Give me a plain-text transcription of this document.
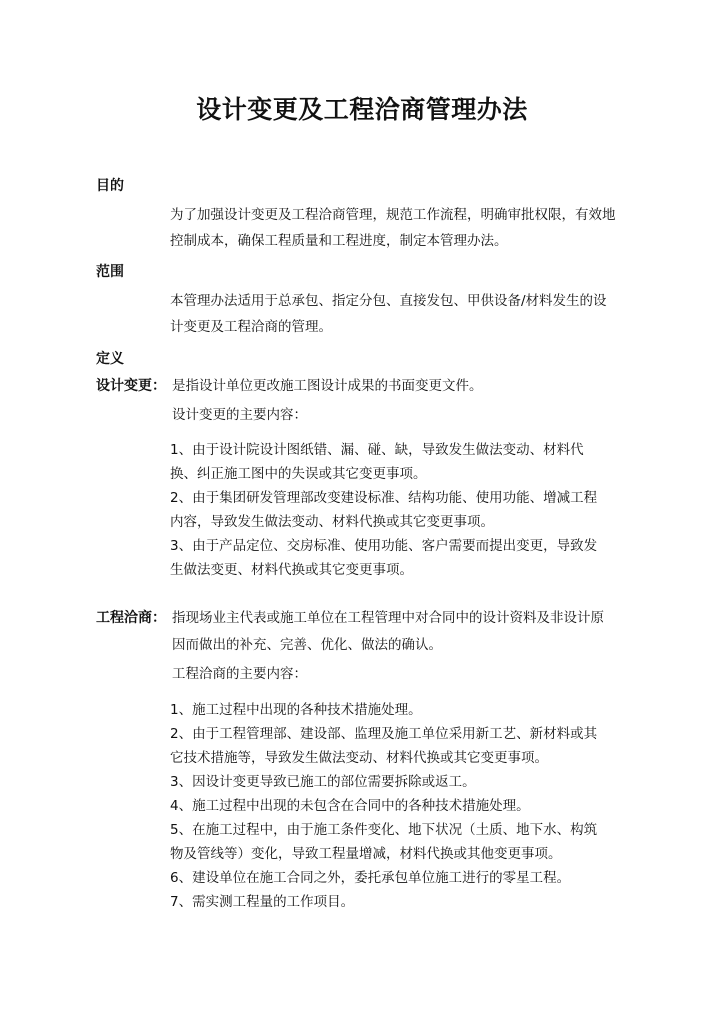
设计变更及工程洽商管理办法
目的
为了加强设计变更及工程洽商管理，规范工作流程，明确审批权限，有效地
控制成本，确保工程质量和工程进度，制定本管理办法。
范围
本管理办法适用于总承包、指定分包、直接发包、甲供设备/材料发生的设
计变更及工程洽商的管理。
定义
设计变更： 是指设计单位更改施工图设计成果的书面变更文件。
设计变更的主要内容：
1、由于设计院设计图纸错、漏、碰、缺，导致发生做法变动、材料代
换、纠正施工图中的失误或其它变更事项。
2、由于集团研发管理部改变建设标准、结构功能、使用功能、增减工程
内容，导致发生做法变动、材料代换或其它变更事项。
3、由于产品定位、交房标准、使用功能、客户需要而提出变更，导致发
生做法变更、材料代换或其它变更事项。
工程洽商： 指现场业主代表或施工单位在工程管理中对合同中的设计资料及非设计原
因而做出的补充、完善、优化、做法的确认。
工程洽商的主要内容：
1、施工过程中出现的各种技术措施处理。
2、由于工程管理部、建设部、监理及施工单位采用新工艺、新材料或其
它技术措施等，导致发生做法变动、材料代换或其它变更事项。
3、因设计变更导致已施工的部位需要拆除或返工。
4、施工过程中出现的未包含在合同中的各种技术措施处理。
5、在施工过程中，由于施工条件变化、地下状况（土质、地下水、构筑
物及管线等）变化，导致工程量增减，材料代换或其他变更事项。
6、建设单位在施工合同之外，委托承包单位施工进行的零星工程。
7、需实测工程量的工作项目。
